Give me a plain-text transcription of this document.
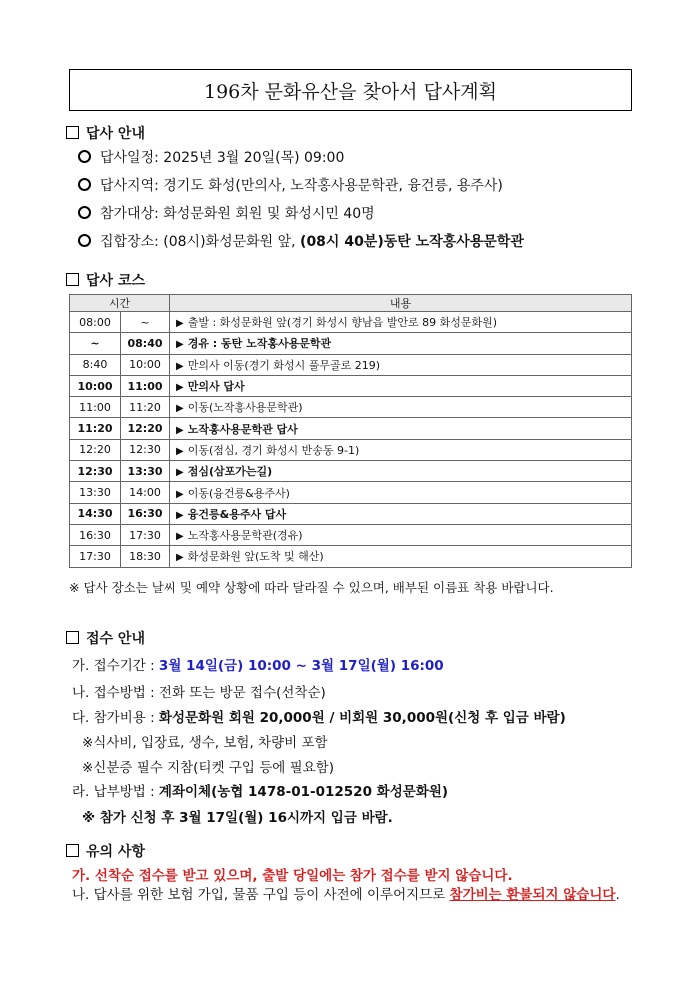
196차 문화유산을 찾아서 답사계획
답사 안내
답사일정: 2025년 3월 20일(목) 09:00
답사지역: 경기도 화성(만의사, 노작홍사용문학관, 융건릉, 용주사)
참가대상: 화성문화원 회원 및 화성시민 40명
집합장소: (08시)화성문화원 앞, (08시 40분)동탄 노작홍사용문학관
답사 코스
시간		내용
08:00	~	▶ 출발 : 화성문화원 앞(경기 화성시 향남읍 발안로 89 화성문화원)
~	08:40	▶ 경유 : 동탄 노작홍사용문학관
8:40	10:00	▶ 만의사 이동(경기 화성시 풀무골로 219)
10:00	11:00	▶ 만의사 답사
11:00	11:20	▶ 이동(노작홍사용문학관)
11:20	12:20	▶ 노작홍사용문학관 답사
12:20	12:30	▶ 이동(점심, 경기 화성시 반송동 9-1)
12:30	13:30	▶ 점심(삼포가는길)
13:30	14:00	▶ 이동(융건릉&용주사)
14:30	16:30	▶ 융건릉&용주사 답사
16:30	17:30	▶ 노작홍사용문학관(경유)
17:30	18:30	▶ 화성문화원 앞(도착 및 해산)
※ 답사 장소는 날씨 및 예약 상황에 따라 달라질 수 있으며, 배부된 이름표 착용 바랍니다.
접수 안내
가. 접수기간 : 3월 14일(금) 10:00 ~ 3월 17일(월) 16:00
나. 접수방법 : 전화 또는 방문 접수(선착순)
다. 참가비용 : 화성문화원 회원 20,000원 / 비회원 30,000원(신청 후 입금 바람)
※식사비, 입장료, 생수, 보험, 차량비 포함
※신분증 필수 지참(티켓 구입 등에 필요함)
라. 납부방법 : 계좌이체(농협 1478-01-012520 화성문화원)
※ 참가 신청 후 3월 17일(월) 16시까지 입금 바람.
유의 사항
가. 선착순 접수를 받고 있으며, 출발 당일에는 참가 접수를 받지 않습니다.
나. 답사를 위한 보험 가입, 물품 구입 등이 사전에 이루어지므로 참가비는 환불되지 않습니다.
